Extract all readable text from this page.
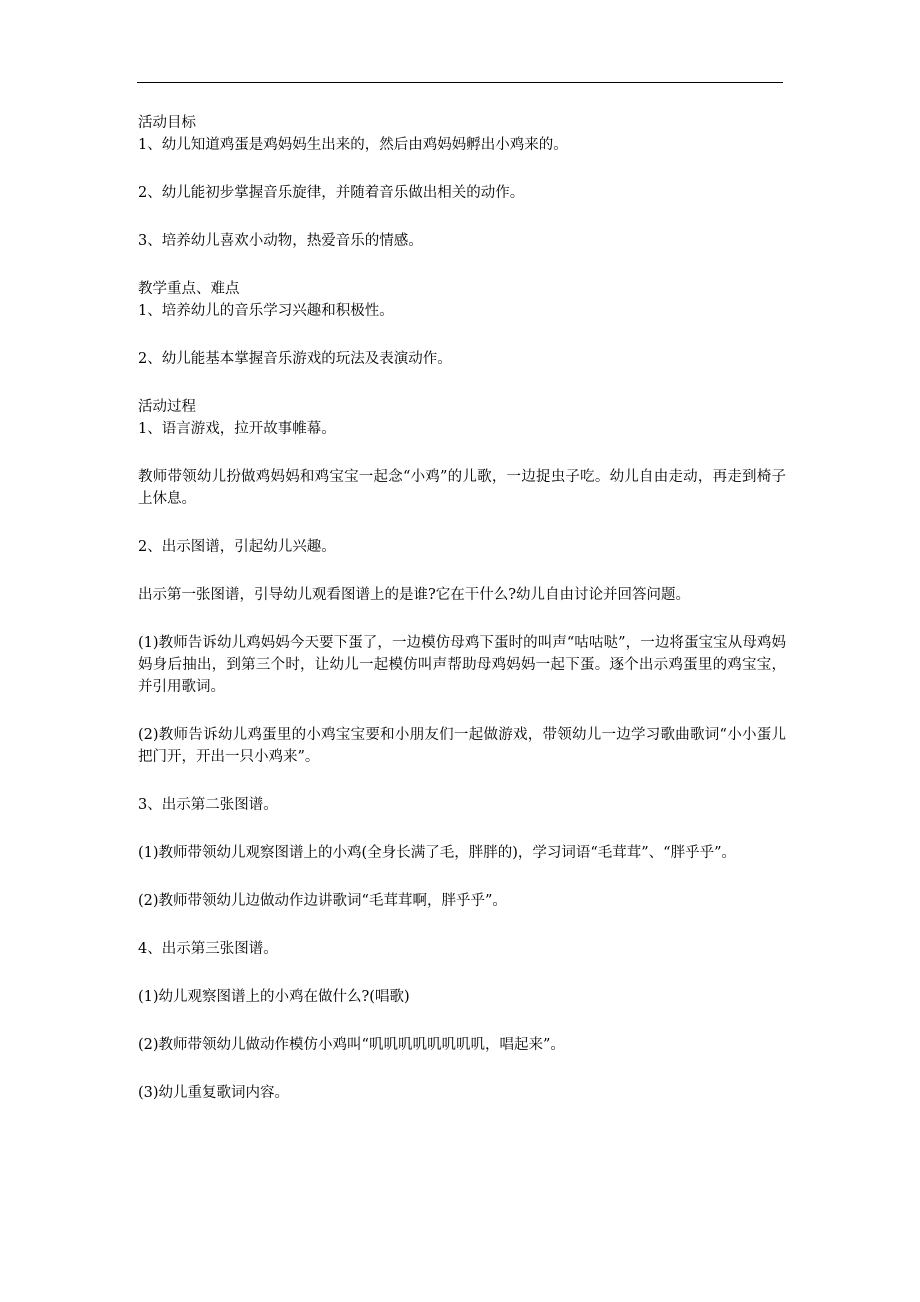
活动目标

1、幼儿知道鸡蛋是鸡妈妈生出来的，然后由鸡妈妈孵出小鸡来的。

2、幼儿能初步掌握音乐旋律，并随着音乐做出相关的动作。

3、培养幼儿喜欢小动物，热爱音乐的情感。

教学重点、难点

1、培养幼儿的音乐学习兴趣和积极性。

2、幼儿能基本掌握音乐游戏的玩法及表演动作。

活动过程

1、语言游戏，拉开故事帷幕。

教师带领幼儿扮做鸡妈妈和鸡宝宝一起念“小鸡”的儿歌，一边捉虫子吃。幼儿自由走动，再走到椅子上休息。

2、出示图谱，引起幼儿兴趣。

出示第一张图谱，引导幼儿观看图谱上的是谁?它在干什么?幼儿自由讨论并回答问题。

(1)教师告诉幼儿鸡妈妈今天要下蛋了，一边模仿母鸡下蛋时的叫声“咕咕哒”，一边将蛋宝宝从母鸡妈妈身后抽出，到第三个时，让幼儿一起模仿叫声帮助母鸡妈妈一起下蛋。逐个出示鸡蛋里的鸡宝宝，并引用歌词。

(2)教师告诉幼儿鸡蛋里的小鸡宝宝要和小朋友们一起做游戏，带领幼儿一边学习歌曲歌词“小小蛋儿把门开，开出一只小鸡来”。

3、出示第二张图谱。

(1)教师带领幼儿观察图谱上的小鸡(全身长满了毛，胖胖的)，学习词语“毛茸茸”、“胖乎乎”。

(2)教师带领幼儿边做动作边讲歌词“毛茸茸啊，胖乎乎”。

4、出示第三张图谱。

(1)幼儿观察图谱上的小鸡在做什么?(唱歌)

(2)教师带领幼儿做动作模仿小鸡叫“叽叽叽叽叽叽叽叽，唱起来”。

(3)幼儿重复歌词内容。
